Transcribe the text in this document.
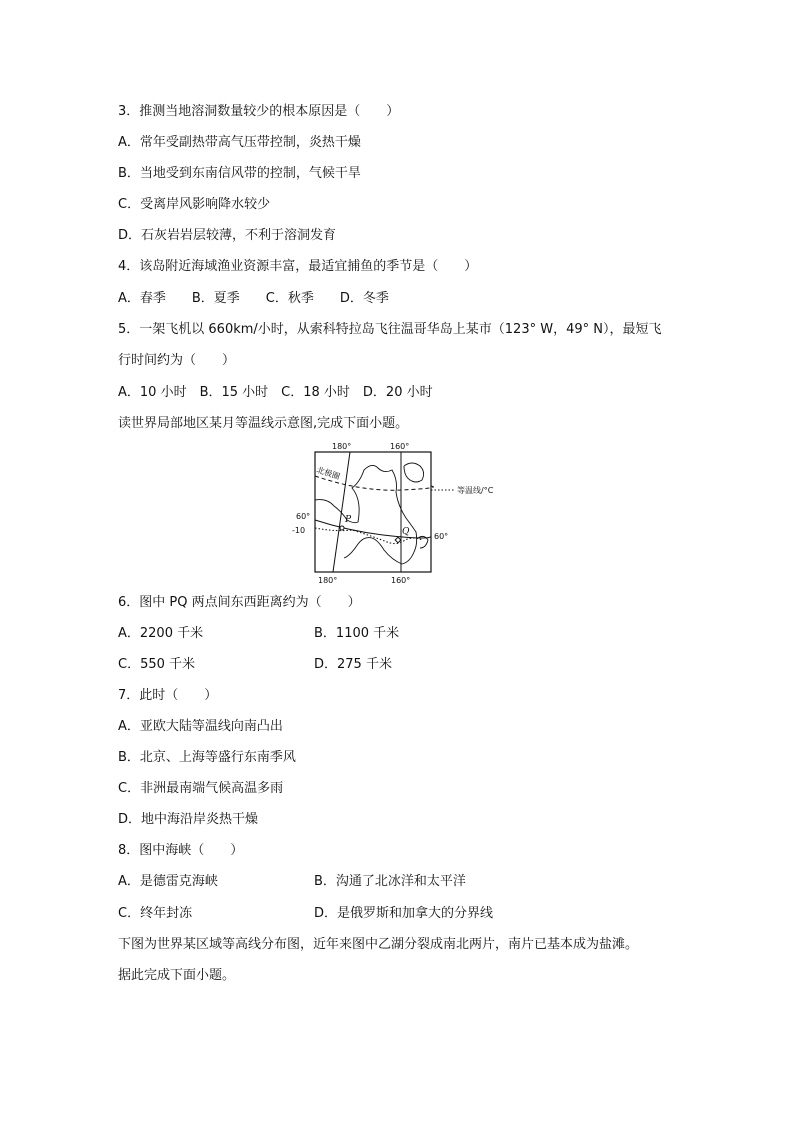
3．推测当地溶洞数量较少的根本原因是（　　）
A．常年受副热带高气压带控制，炎热干燥
B．当地受到东南信风带的控制，气候干旱
C．受离岸风影响降水较少
D．石灰岩岩层较薄，不利于溶洞发育
4．该岛附近海域渔业资源丰富，最适宜捕鱼的季节是（　　）
A．春季　　B．夏季　　C．秋季　　D．冬季
5．一架飞机以 660km/小时，从索科特拉岛飞往温哥华岛上某市（123° W，49° N），最短飞
行时间约为（　　）
A．10 小时　B．15 小时　C．18 小时　D．20 小时
读世界局部地区某月等温线示意图,完成下面小题。
180°	160°
180°	160°
60°
60°
-10
北极圈
等温线/°C
P
Q
6．图中 PQ 两点间东西距离约为（　　）
A．2200 千米	B．1100 千米
C．550 千米	D．275 千米
7．此时（　　）
A．亚欧大陆等温线向南凸出
B．北京、上海等盛行东南季风
C．非洲最南端气候高温多雨
D．地中海沿岸炎热干燥
8．图中海峡（　　）
A．是德雷克海峡	B．沟通了北冰洋和太平洋
C．终年封冻	D．是俄罗斯和加拿大的分界线
下图为世界某区域等高线分布图，近年来图中乙湖分裂成南北两片，南片已基本成为盐滩。
据此完成下面小题。
